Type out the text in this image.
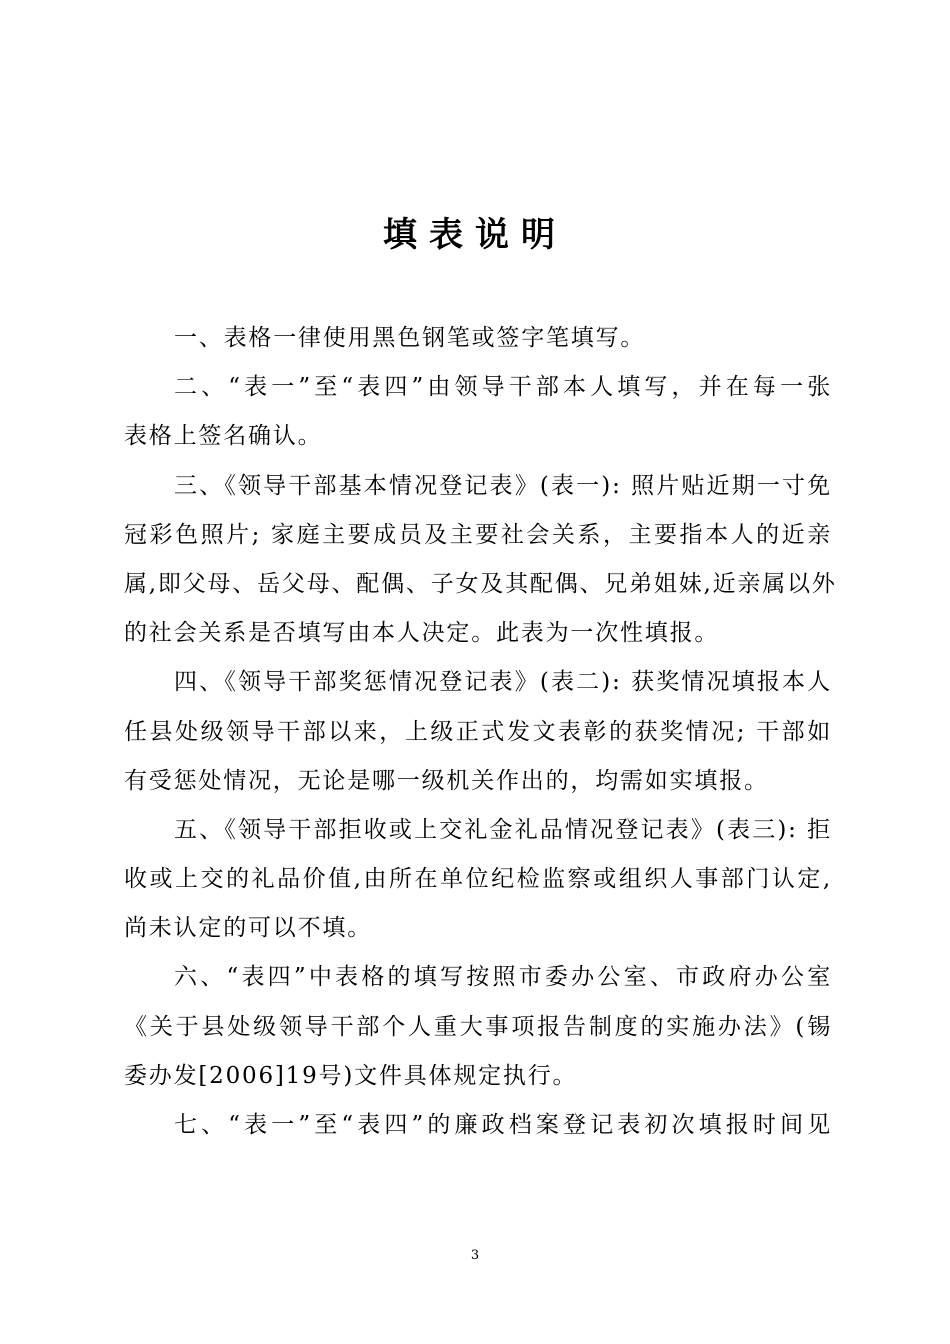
填表说明
一、表格一律使用黑色钢笔或签字笔填写。
二、“表一”至“表四”由领导干部本人填写，并在每一张
表格上签名确认。
三、《领导干部基本情况登记表》(表一): 照片贴近期一寸免
冠彩色照片; 家庭主要成员及主要社会关系，主要指本人的近亲
属,即父母、岳父母、配偶、子女及其配偶、兄弟姐妹,近亲属以外
的社会关系是否填写由本人决定。此表为一次性填报。
四、《领导干部奖惩情况登记表》(表二): 获奖情况填报本人
任县处级领导干部以来，上级正式发文表彰的获奖情况; 干部如
有受惩处情况，无论是哪一级机关作出的，均需如实填报。
五、《领导干部拒收或上交礼金礼品情况登记表》(表三): 拒
收或上交的礼品价值,由所在单位纪检监察或组织人事部门认定,
尚未认定的可以不填。
六、“表四”中表格的填写按照市委办公室、市政府办公室
《关于县处级领导干部个人重大事项报告制度的实施办法》(锡
委办发[2006]19号)文件具体规定执行。
七、“表一”至“表四”的廉政档案登记表初次填报时间见
3
